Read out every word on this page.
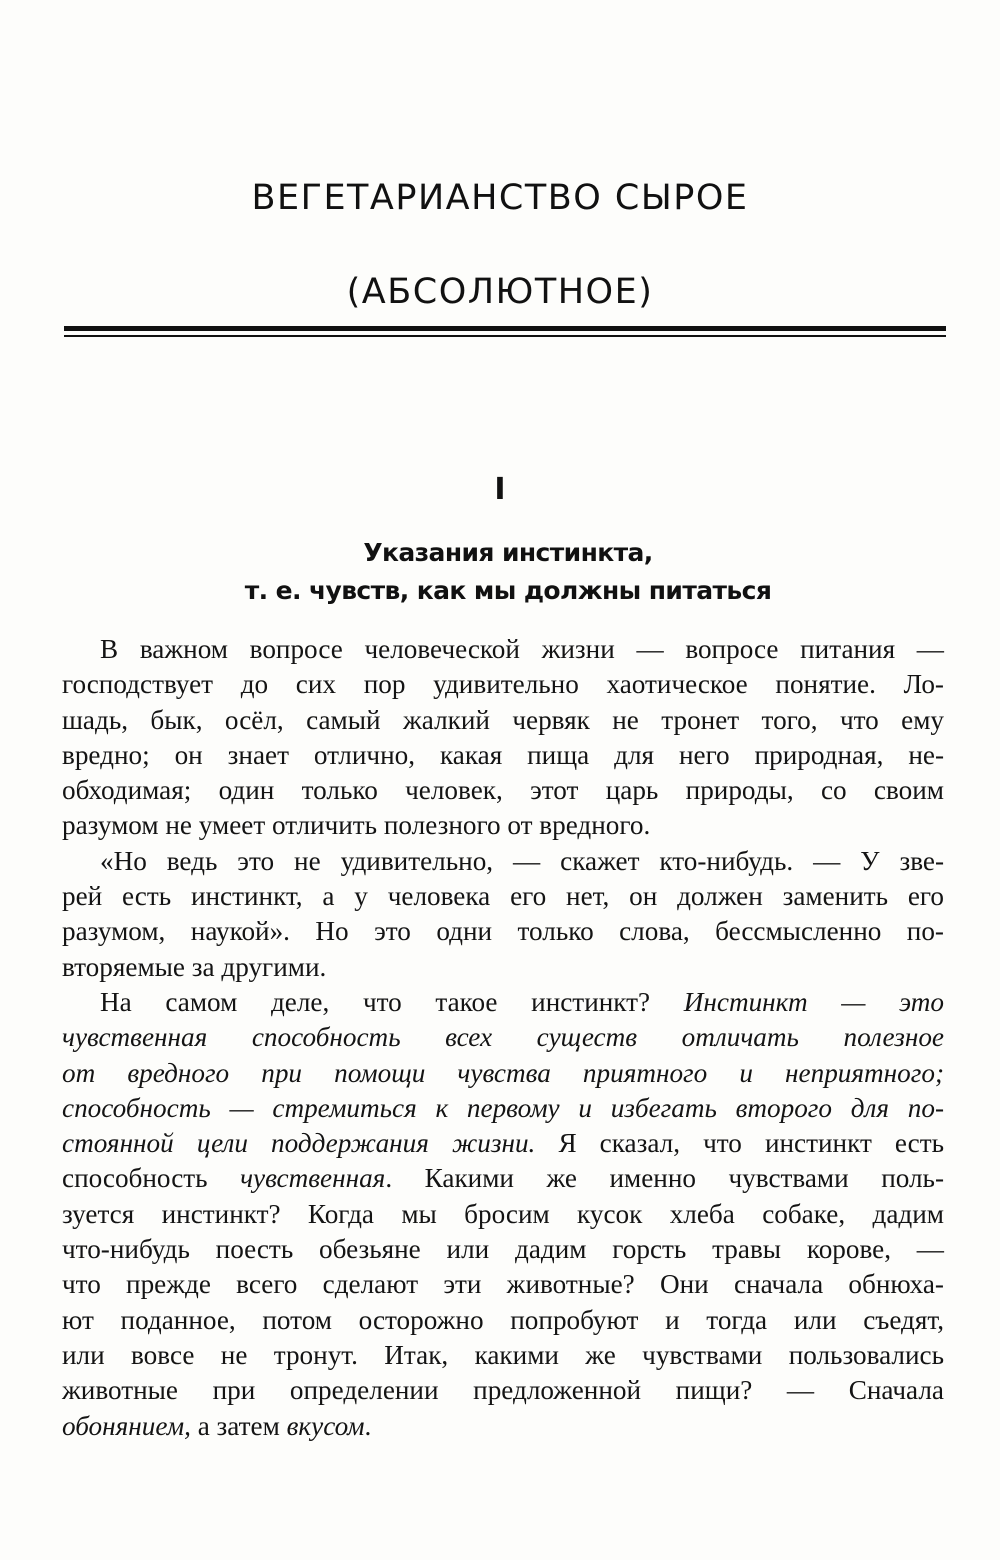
ВЕГЕТАРИАНСТВО СЫРОЕ
(АБСОЛЮТНОЕ)
I
Указания инстинкта,
т. е. чувств, как мы должны питаться
В важном вопросе человеческой жизни — вопросе питания —
господствует до сих пор удивительно хаотическое понятие. Ло-
шадь, бык, осёл, самый жалкий червяк не тронет того, что ему
вредно; он знает отлично, какая пища для него природная, не-
обходимая; один только человек, этот царь природы, со своим
разумом не умеет отличить полезного от вредного.
«Но ведь это не удивительно, — скажет кто-нибудь. — У зве-
рей есть инстинкт, а у человека его нет, он должен заменить его
разумом, наукой». Но это одни только слова, бессмысленно по-
вторяемые за другими.
На самом деле, что такое инстинкт? Инстинкт — это
чувственная способность всех существ отличать полезное
от вредного при помощи чувства приятного и неприятного;
способность — стремиться к первому и избегать второго для по-
стоянной цели поддержания жизни. Я сказал, что инстинкт есть
способность чувственная. Какими же именно чувствами поль-
зуется инстинкт? Когда мы бросим кусок хлеба собаке, дадим
что-нибудь поесть обезьяне или дадим горсть травы корове, —
что прежде всего сделают эти животные? Они сначала обнюха-
ют поданное, потом осторожно попробуют и тогда или съедят,
или вовсе не тронут. Итак, какими же чувствами пользовались
животные при определении предложенной пищи? — Сначала
обонянием, а затем вкусом.
